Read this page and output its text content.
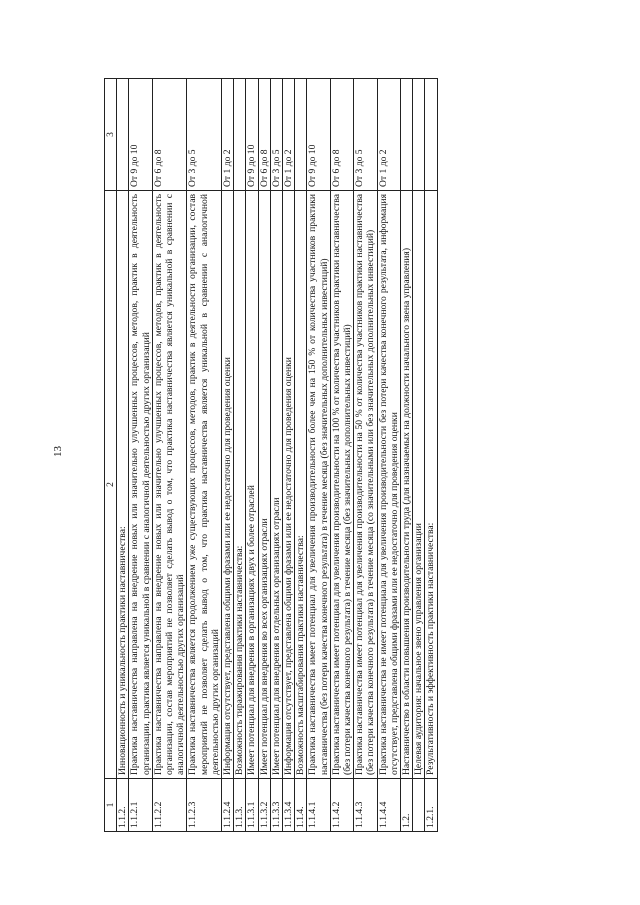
13
1	2	3
1.1.2.	Инновационность и уникальность практики наставничества:	
1.1.2.1	Практика наставничества направлена на внедрение новых или значительно улучшенных процессов, методов, практик в деятельность организации, практика является уникальной в сравнении с аналогичной деятельностью других организаций	От 9 до 10
1.1.2.2	Практика наставничества направлена на внедрение новых или значительно улучшенных процессов, методов, практик в деятельность организации, состав мероприятий не позволяет сделать вывод о том, что практика наставничества является уникальной в сравнении с аналогичной деятельностью других организаций	От 6 до 8
1.1.2.3	Практика наставничества является продолжением уже существующих процессов, методов, практик в деятельности организации, состав мероприятий не позволяет сделать вывод о том, что практика наставничества является уникальной в сравнении с аналогичной деятельностью других организаций	От 3 до 5
1.1.2.4	Информация отсутствует, представлена общими фразами или ее недостаточно для проведения оценки	От 1 до 2
1.1.3.	Возможность тиражирования практики наставничества:	
1.1.3.1	Имеет потенциал для внедрения в организациях двух и более отраслей	От 9 до 10
1.1.3.2	Имеет потенциал для внедрения во всех организациях отрасли	От 6 до 8
1.1.3.3	Имеет потенциал для внедрения в отдельных организациях отрасли	От 3 до 5
1.1.3.4	Информация отсутствует, представлена общими фразами или ее недостаточно для проведения оценки	От 1 до 2
1.1.4.	Возможность масштабирования практики наставничества:	
1.1.4.1	Практика наставничества имеет потенциал для увеличения производительности более чем на 150 % от количества участников практики наставничества (без потери качества конечного результата) в течение месяца (без значительных дополнительных инвестиций)	От 9 до 10
1.1.4.2	Практика наставничества имеет потенциал для увеличения производительности на 100 % от количества участников практики наставничества (без потери качества конечного результата) в течение месяца (без значительных дополнительных инвестиций)	От 6 до 8
1.1.4.3	Практика наставничества имеет потенциал для увеличения производительности на 50 % от количества участников практики наставничества (без потери качества конечного результата) в течение месяца (со значительными или без значительных дополнительных инвестиций)	От 3 до 5
1.1.4.4	Практика наставничества не имеет потенциала для увеличения производительности без потери качества конечного результата, информация отсутствует, представлена общими фразами или ее недостаточно для проведения оценки	От 1 до 2
1.2.	Наставничество в области повышения производительности труда (для назначаемых на должности начального звена управления)	
	Целевая аудитория: начальное звено управления организации	
1.2.1.	Результативность и эффективность практики наставничества:	
